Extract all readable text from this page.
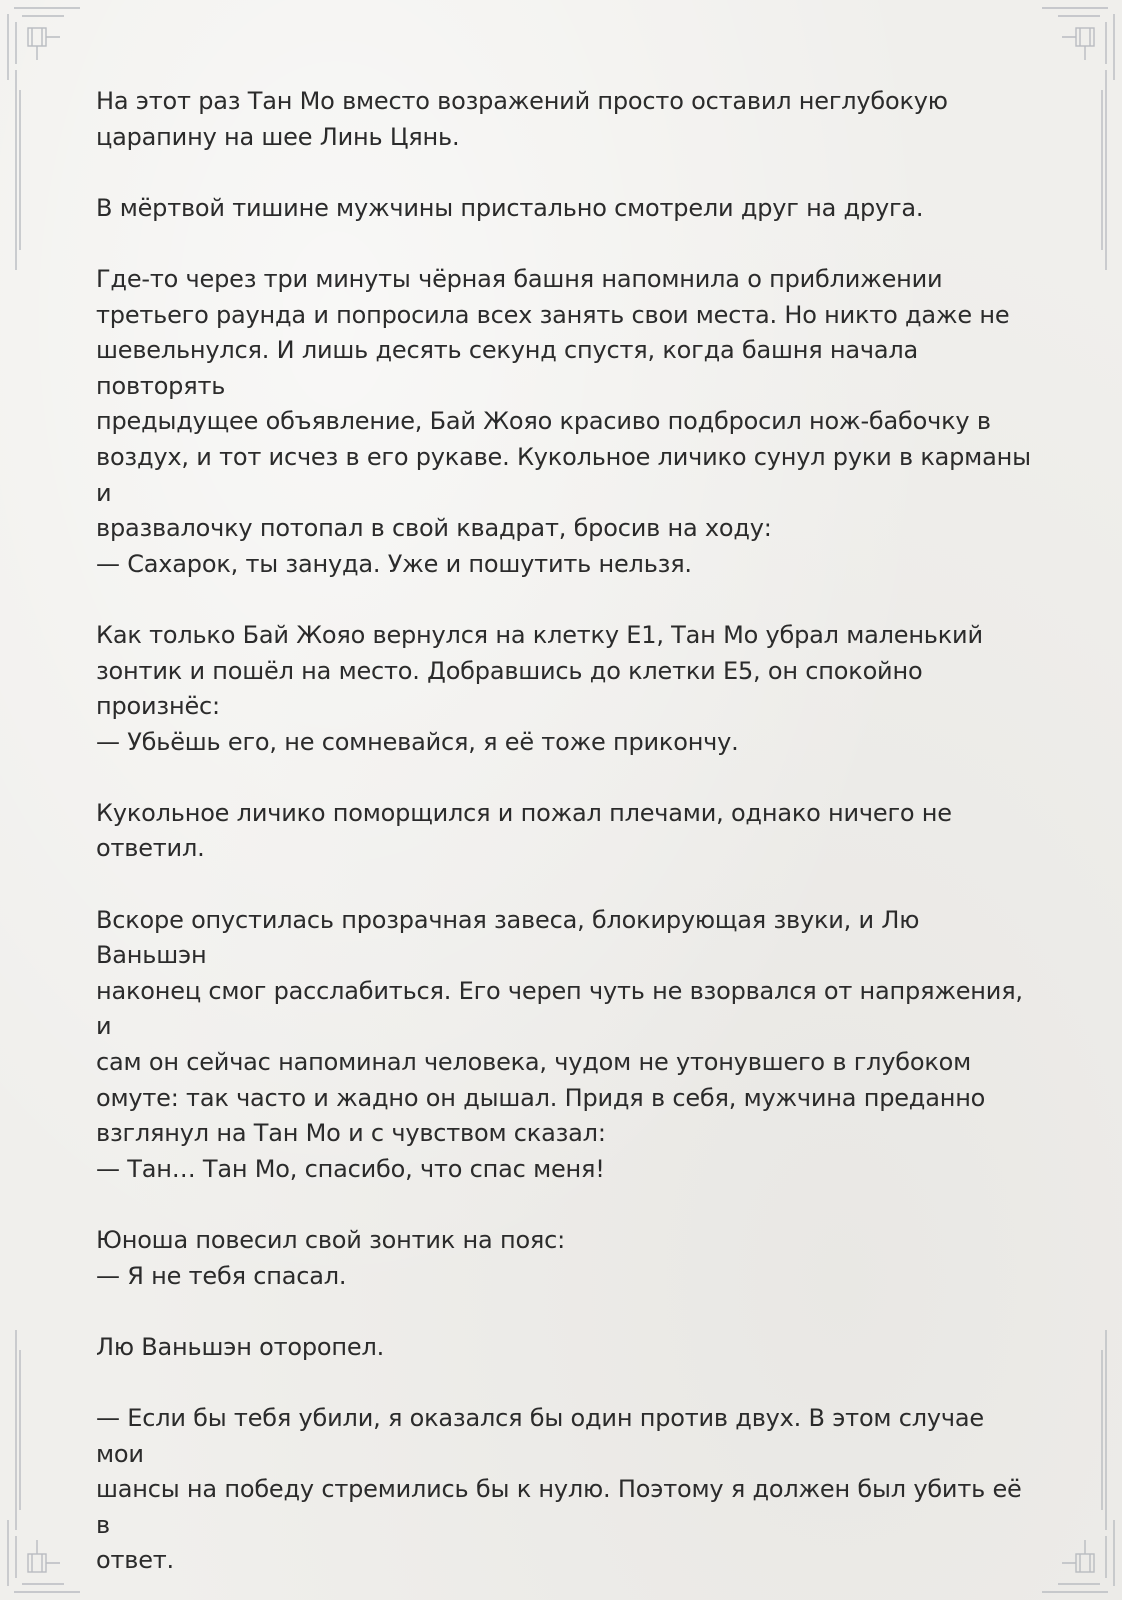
На этот раз Тан Мо вместо возражений просто оставил неглубокую
царапину на шее Линь Цянь.

В мёртвой тишине мужчины пристально смотрели друг на друга.

Где-то через три минуты чёрная башня напомнила о приближении
третьего раунда и попросила всех занять свои места. Но никто даже не
шевельнулся. И лишь десять секунд спустя, когда башня начала повторять
предыдущее объявление, Бай Жояо красиво подбросил нож-бабочку в
воздух, и тот исчез в его рукаве. Кукольное личико сунул руки в карманы и
вразвалочку потопал в свой квадрат, бросив на ходу:
— Сахарок, ты зануда. Уже и пошутить нельзя.

Как только Бай Жояо вернулся на клетку E1, Тан Мо убрал маленький
зонтик и пошёл на место. Добравшись до клетки E5, он спокойно
произнёс:
— Убьёшь его, не сомневайся, я её тоже прикончу.

Кукольное личико поморщился и пожал плечами, однако ничего не
ответил.

Вскоре опустилась прозрачная завеса, блокирующая звуки, и Лю Ваньшэн
наконец смог расслабиться. Его череп чуть не взорвался от напряжения, и
сам он сейчас напоминал человека, чудом не утонувшего в глубоком
омуте: так часто и жадно он дышал. Придя в себя, мужчина преданно
взглянул на Тан Мо и с чувством сказал:
— Тан… Тан Мо, спасибо, что спас меня!

Юноша повесил свой зонтик на пояс:
— Я не тебя спасал.

Лю Ваньшэн оторопел.

— Если бы тебя убили, я оказался бы один против двух. В этом случае мои
шансы на победу стремились бы к нулю. Поэтому я должен был убить её в
ответ.
